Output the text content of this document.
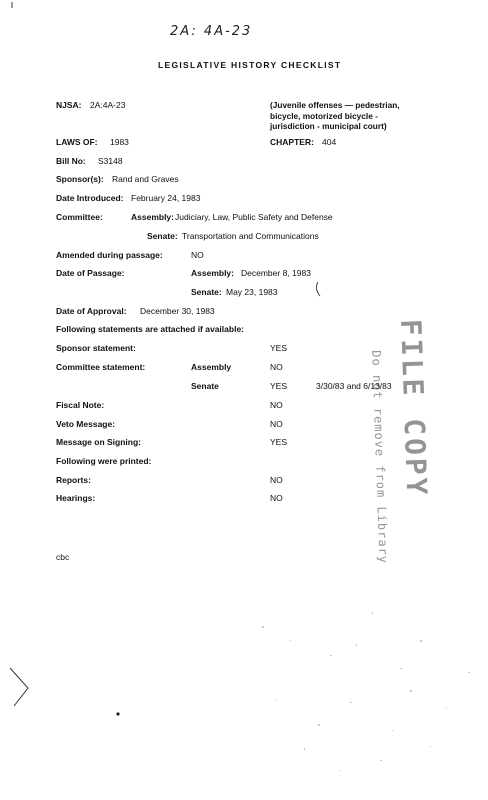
2A: 4A-23
LEGISLATIVE HISTORY CHECKLIST
NJSA: 2A:4A-23	(Juvenile offenses — pedestrian, bicycle, motorized bicycle - jurisdiction - municipal court)
LAWS OF: 1983	CHAPTER: 404
Bill No: S3148
Sponsor(s): Rand and Graves
Date Introduced: February 24, 1983
Committee:	Assembly: Judiciary, Law, Public Safety and Defense
Senate: Transportation and Communications
Amended during passage:	NO
Date of Passage:	Assembly: December 8, 1983
Senate: May 23, 1983
Date of Approval: December 30, 1983
Following statements are attached if available:
Sponsor statement:	YES
Committee statement:	Assembly	NO
Senate	YES	3/30/83 and 6/13/83
Fiscal Note:	NO
Veto Message:	NO
Message on Signing:	YES
Following were printed:
Reports:	NO
Hearings:	NO
cbc
FILE COPY
Do not remove from Library
